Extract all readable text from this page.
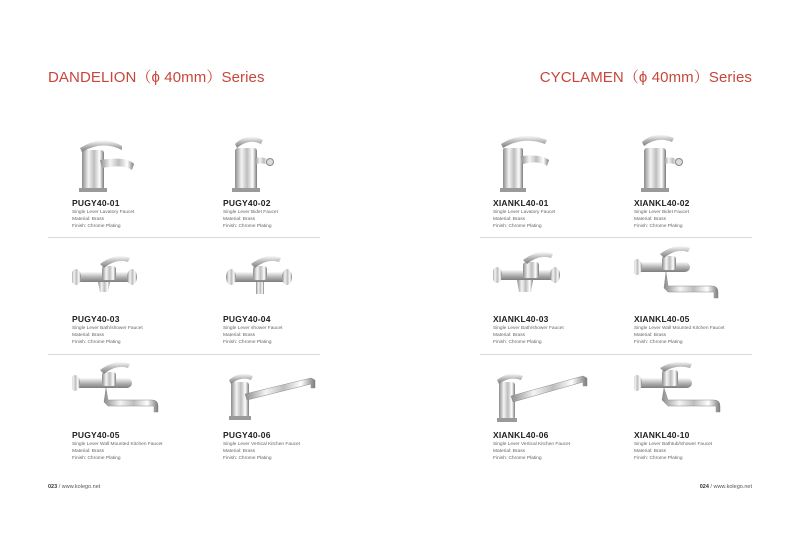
DANDELION（ϕ 40mm）Series	CYCLAMEN（ϕ 40mm）Series
PUGY40-01
Single Lever Lavatory Faucet
Material: Brass
Finish: Chrome Plating
PUGY40-02
Single Lever Bidet Faucet
Material: Brass
Finish: Chrome Plating
PUGY40-03
Single Lever Bath/shower Faucet
Material: Brass
Finish: Chrome Plating
PUGY40-04
Single Lever shower Faucet
Material: Brass
Finish: Chrome Plating
PUGY40-05
Single Lever Wall Mounted Kitchen Faucet
Material: Brass
Finish: Chrome Plating
PUGY40-06
Single Lever Vertical Kitchen Faucet
Material: Brass
Finish: Chrome Plating
XIANKL40-01
Single Lever Lavatory Faucet
Material: Brass
Finish: Chrome Plating
XIANKL40-02
Single Lever Bidet Faucet
Material: Brass
Finish: Chrome Plating
XIANKL40-03
Single Lever Bath/shower Faucet
Material: Brass
Finish: Chrome Plating
XIANKL40-05
Single Lever Wall Mounted Kitchen Faucet
Material: Brass
Finish: Chrome Plating
XIANKL40-06
Single Lever Vertical Kitchen Faucet
Material: Brass
Finish: Chrome Plating
XIANKL40-10
Single Lever Bathtub/Shower Faucet
Material: Brass
Finish: Chrome Plating
023 / www.kolego.net	024 / www.kolego.net
